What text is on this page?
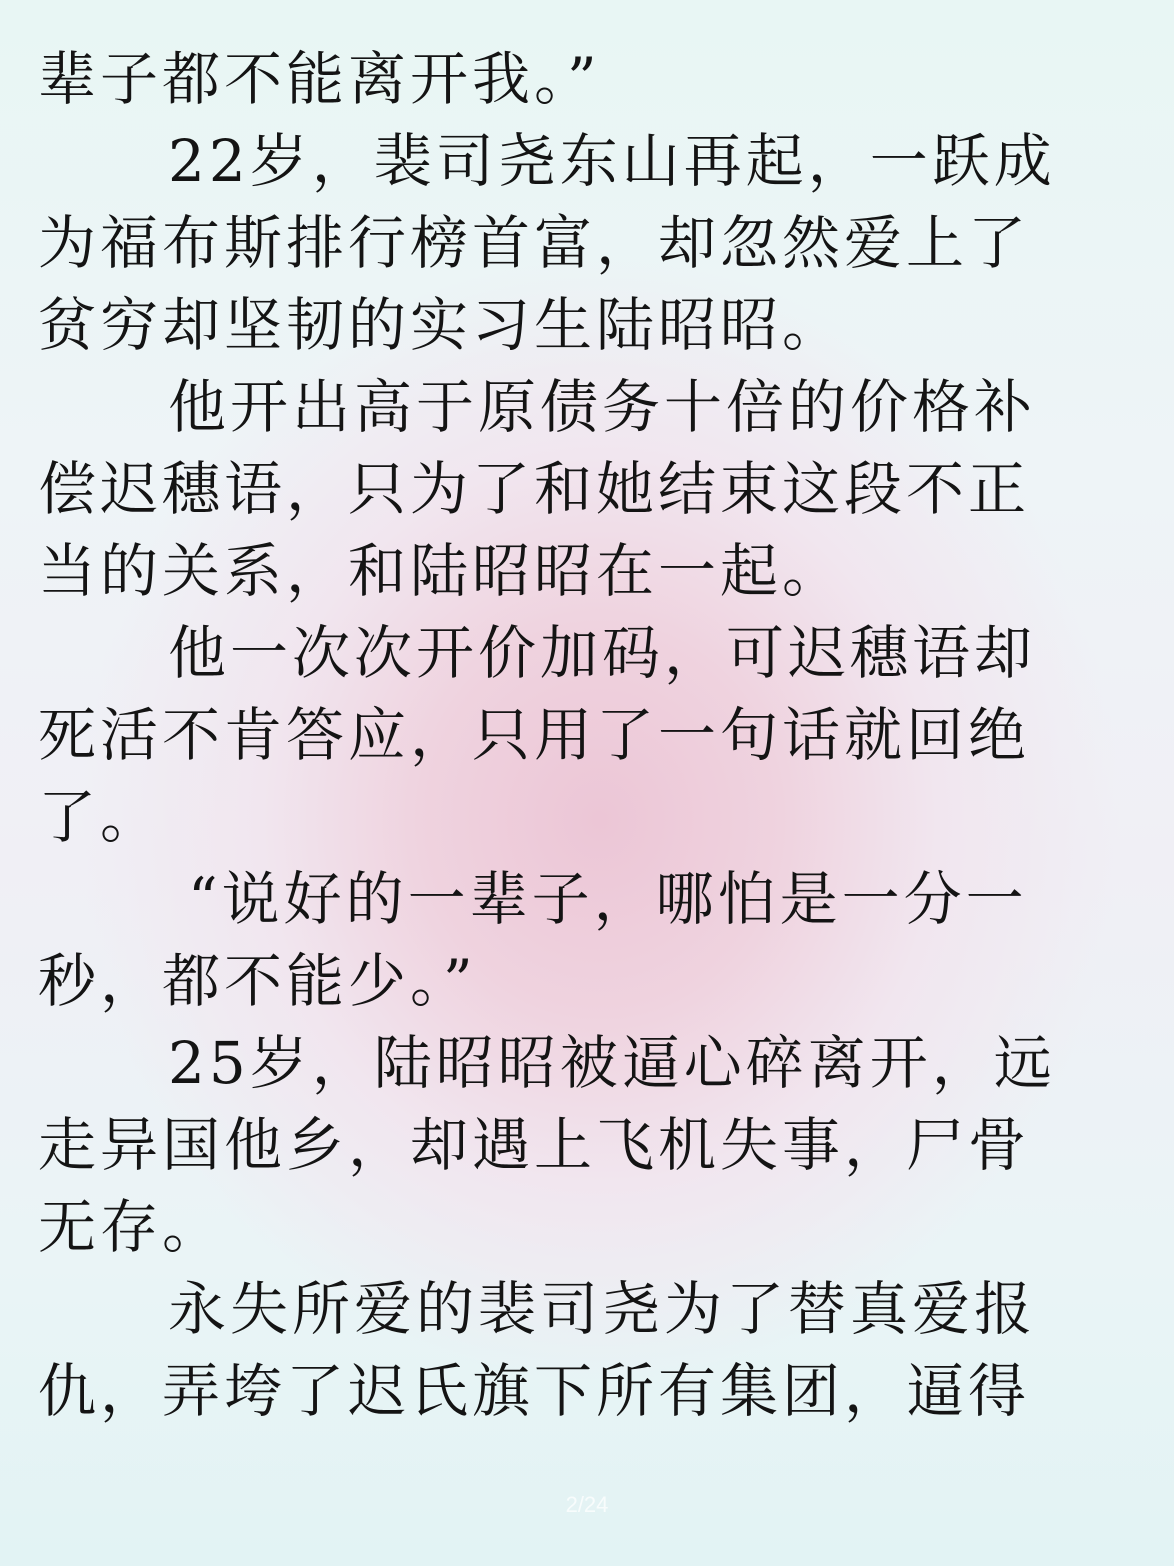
辈子都不能离开我。”
22岁，裴司尧东山再起，一跃成
为福布斯排行榜首富，却忽然爱上了
贫穷却坚韧的实习生陆昭昭。
他开出高于原债务十倍的价格补
偿迟穗语，只为了和她结束这段不正
当的关系，和陆昭昭在一起。
他一次次开价加码，可迟穗语却
死活不肯答应，只用了一句话就回绝
了。
“说好的一辈子，哪怕是一分一
秒，都不能少。”
25岁，陆昭昭被逼心碎离开，远
走异国他乡，却遇上飞机失事，尸骨
无存。
永失所爱的裴司尧为了替真爱报
仇，弄垮了迟氏旗下所有集团，逼得
2/24
